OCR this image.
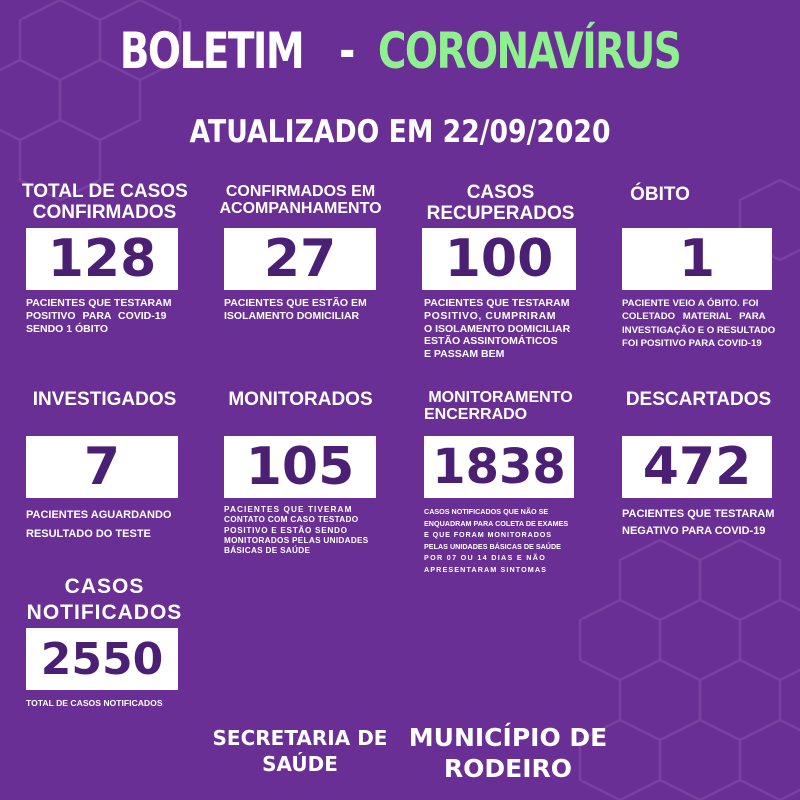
BOLETIM - CORONAVÍRUS
ATUALIZADO EM 22/09/2020
TOTAL DE CASOS
CONFIRMADOS
128
PACIENTES QUE TESTARAM
POSITIVO PARA COVID-19
SENDO 1 ÓBITO
CONFIRMADOS EM
ACOMPANHAMENTO
27
PACIENTES QUE ESTÃO EM
ISOLAMENTO DOMICILIAR
CASOS
RECUPERADOS
100
PACIENTES QUE TESTARAM
POSITIVO, CUMPRIRAM
O ISOLAMENTO DOMICILIAR
ESTÃO ASSINTOMÁTICOS
E PASSAM BEM
ÓBITO
1
PACIENTE VEIO A ÓBITO. FOI
COLETADO MATERIAL PARA
INVESTIGAÇÃO E O RESULTADO
FOI POSITIVO PARA COVID-19
INVESTIGADOS
7
PACIENTES AGUARDANDO
RESULTADO DO TESTE
MONITORADOS
105
PACIENTES QUE TIVERAM
CONTATO COM CASO TESTADO
POSITIVO E ESTÃO SENDO
MONITORADOS PELAS UNIDADES
BÁSICAS DE SAÚDE
MONITORAMENTO
ENCERRADO
1838
CASOS NOTIFICADOS QUE NÃO SE
ENQUADRAM PARA COLETA DE EXAMES
E QUE FORAM MONITORADOS
PELAS UNIDADES BÁSICAS DE SAÚDE
POR 07 OU 14 DIAS E NÃO
APRESENTARAM SINTOMAS
DESCARTADOS
472
PACIENTES QUE TESTARAM
NEGATIVO PARA COVID-19
CASOS
NOTIFICADOS
2550
TOTAL DE CASOS NOTIFICADOS
SECRETARIA DE
SAÚDE
MUNICÍPIO DE
RODEIRO
